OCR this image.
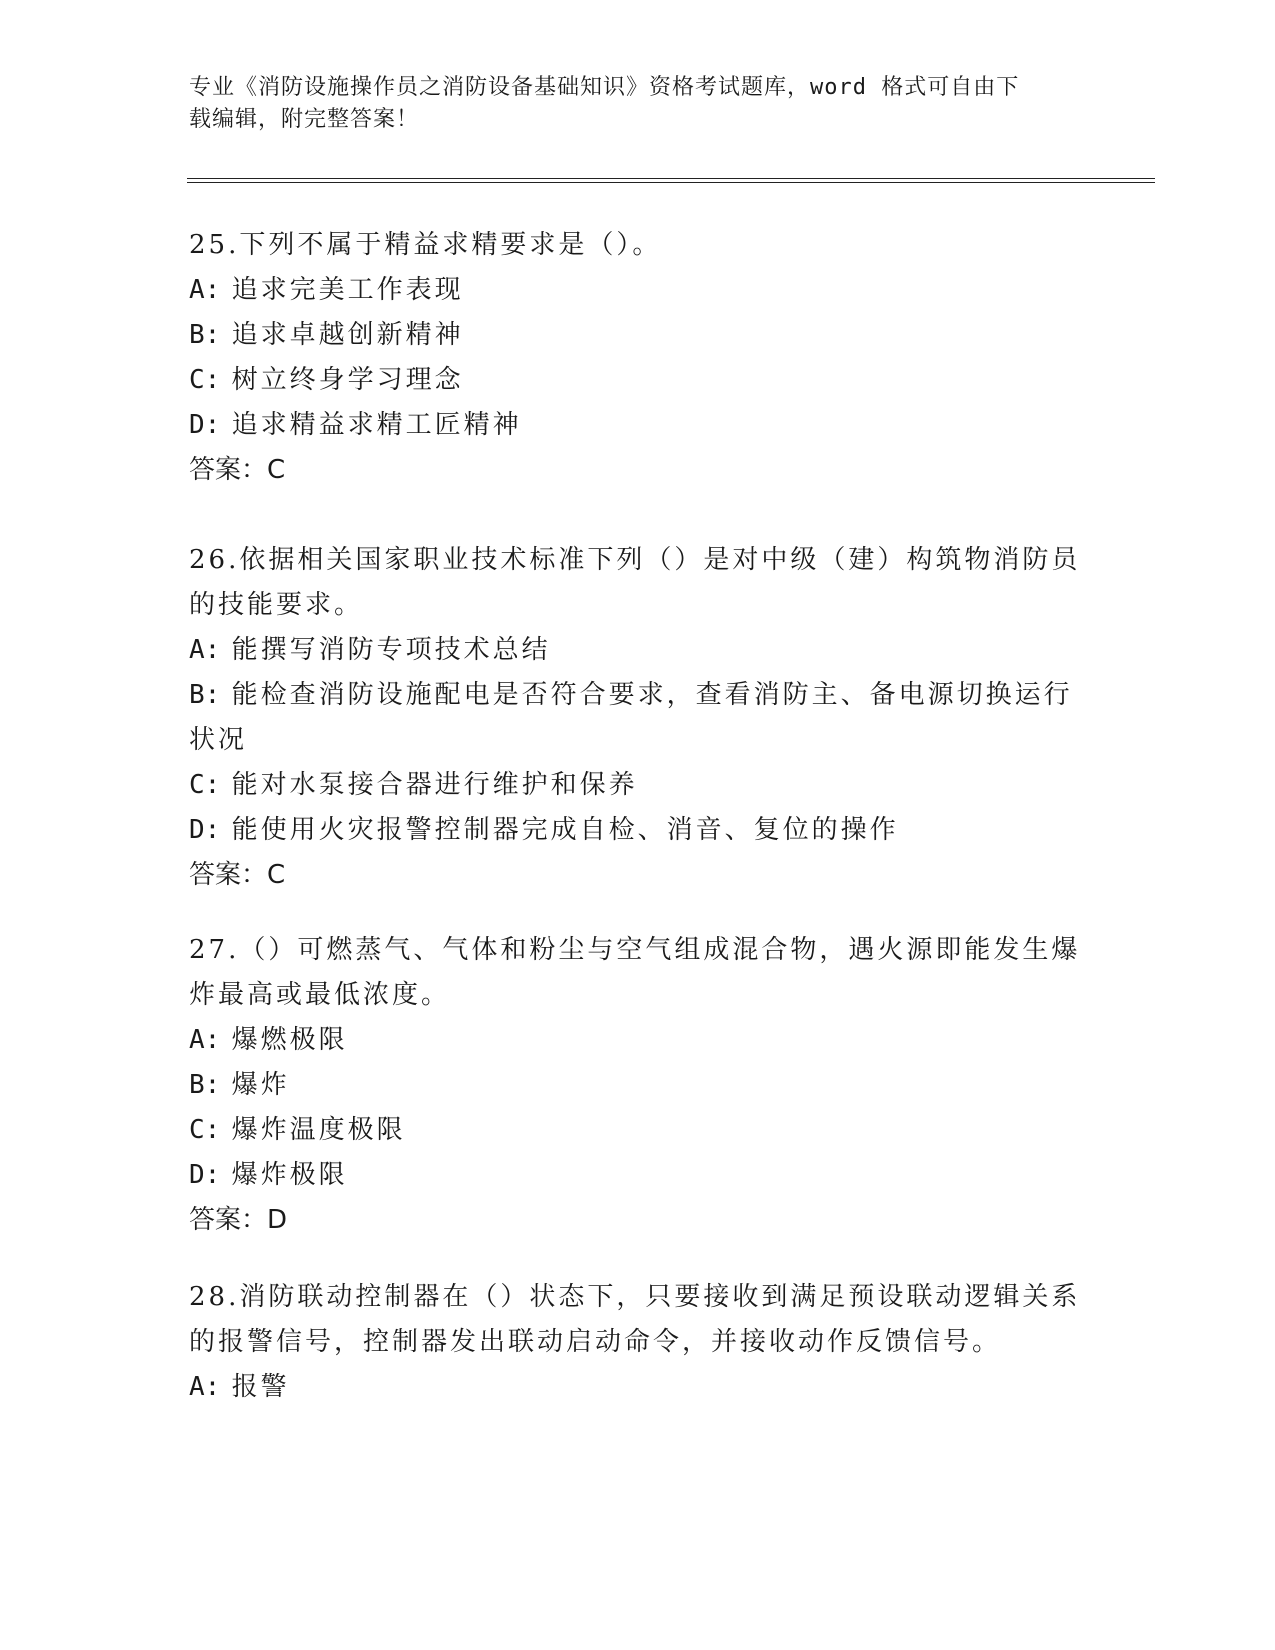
专业《消防设施操作员之消防设备基础知识》资格考试题库，word 格式可自由下
载编辑，附完整答案！
25.下列不属于精益求精要求是（）。
A: 追求完美工作表现
B: 追求卓越创新精神
C: 树立终身学习理念
D: 追求精益求精工匠精神
答案：C
26.依据相关国家职业技术标准下列（）是对中级（建）构筑物消防员
的技能要求。
A: 能撰写消防专项技术总结
B: 能检查消防设施配电是否符合要求，查看消防主、备电源切换运行
状况
C: 能对水泵接合器进行维护和保养
D: 能使用火灾报警控制器完成自检、消音、复位的操作
答案：C
27.（）可燃蒸气、气体和粉尘与空气组成混合物，遇火源即能发生爆
炸最高或最低浓度。
A: 爆燃极限
B: 爆炸
C: 爆炸温度极限
D: 爆炸极限
答案：D
28.消防联动控制器在（）状态下，只要接收到满足预设联动逻辑关系
的报警信号，控制器发出联动启动命令，并接收动作反馈信号。
A: 报警
